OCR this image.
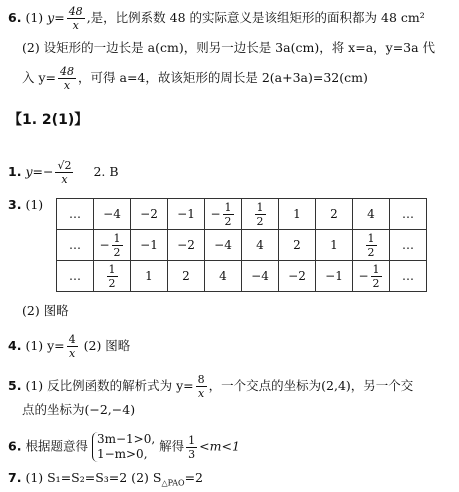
6. (1) $y= \frac{48}{x}$ ,是，比例系数 48 的实际意义是该组矩形的面积都为 48 cm²
(2) 设矩形的一边长是 a(cm)，则另一边长是 3a(cm)，将 x=a，y=3a 代
入 $y= \frac{48}{x}$ ，可得 a=4，故该矩形的周长是 2(a+3a)=32(cm)
【1. 2(1)】
1. $y=- \frac{√2}{x} 2$. B
3. (1)
…	−4	−2	−1	− $\frac{1}{2}$	$\frac{1}{2}$	1	2	4	…
…	− $\frac{1}{2}$	−1	−2	−4	4	2	1	$\frac{1}{2}$	…
…	$\frac{1}{2}$	1	2	4	−4	−2	−1	− $\frac{1}{2}$	…
(2) 图略
4. (1) $y= \frac{4}{x} (2)$ 图略
5. (1) 反比例函数的解析式为 $y= \frac{8}{x}$ ，一个交点的坐标为(2,4)，另一个交
点的坐标为(−2,−4)
6. 根据题意得 3m−1>0,
1−m>0,
解得 $\frac{1}{3} <m<1$
7. (1) S₁=S₂=S₃=2 (2) $S_{\triangle PAO}=2$
